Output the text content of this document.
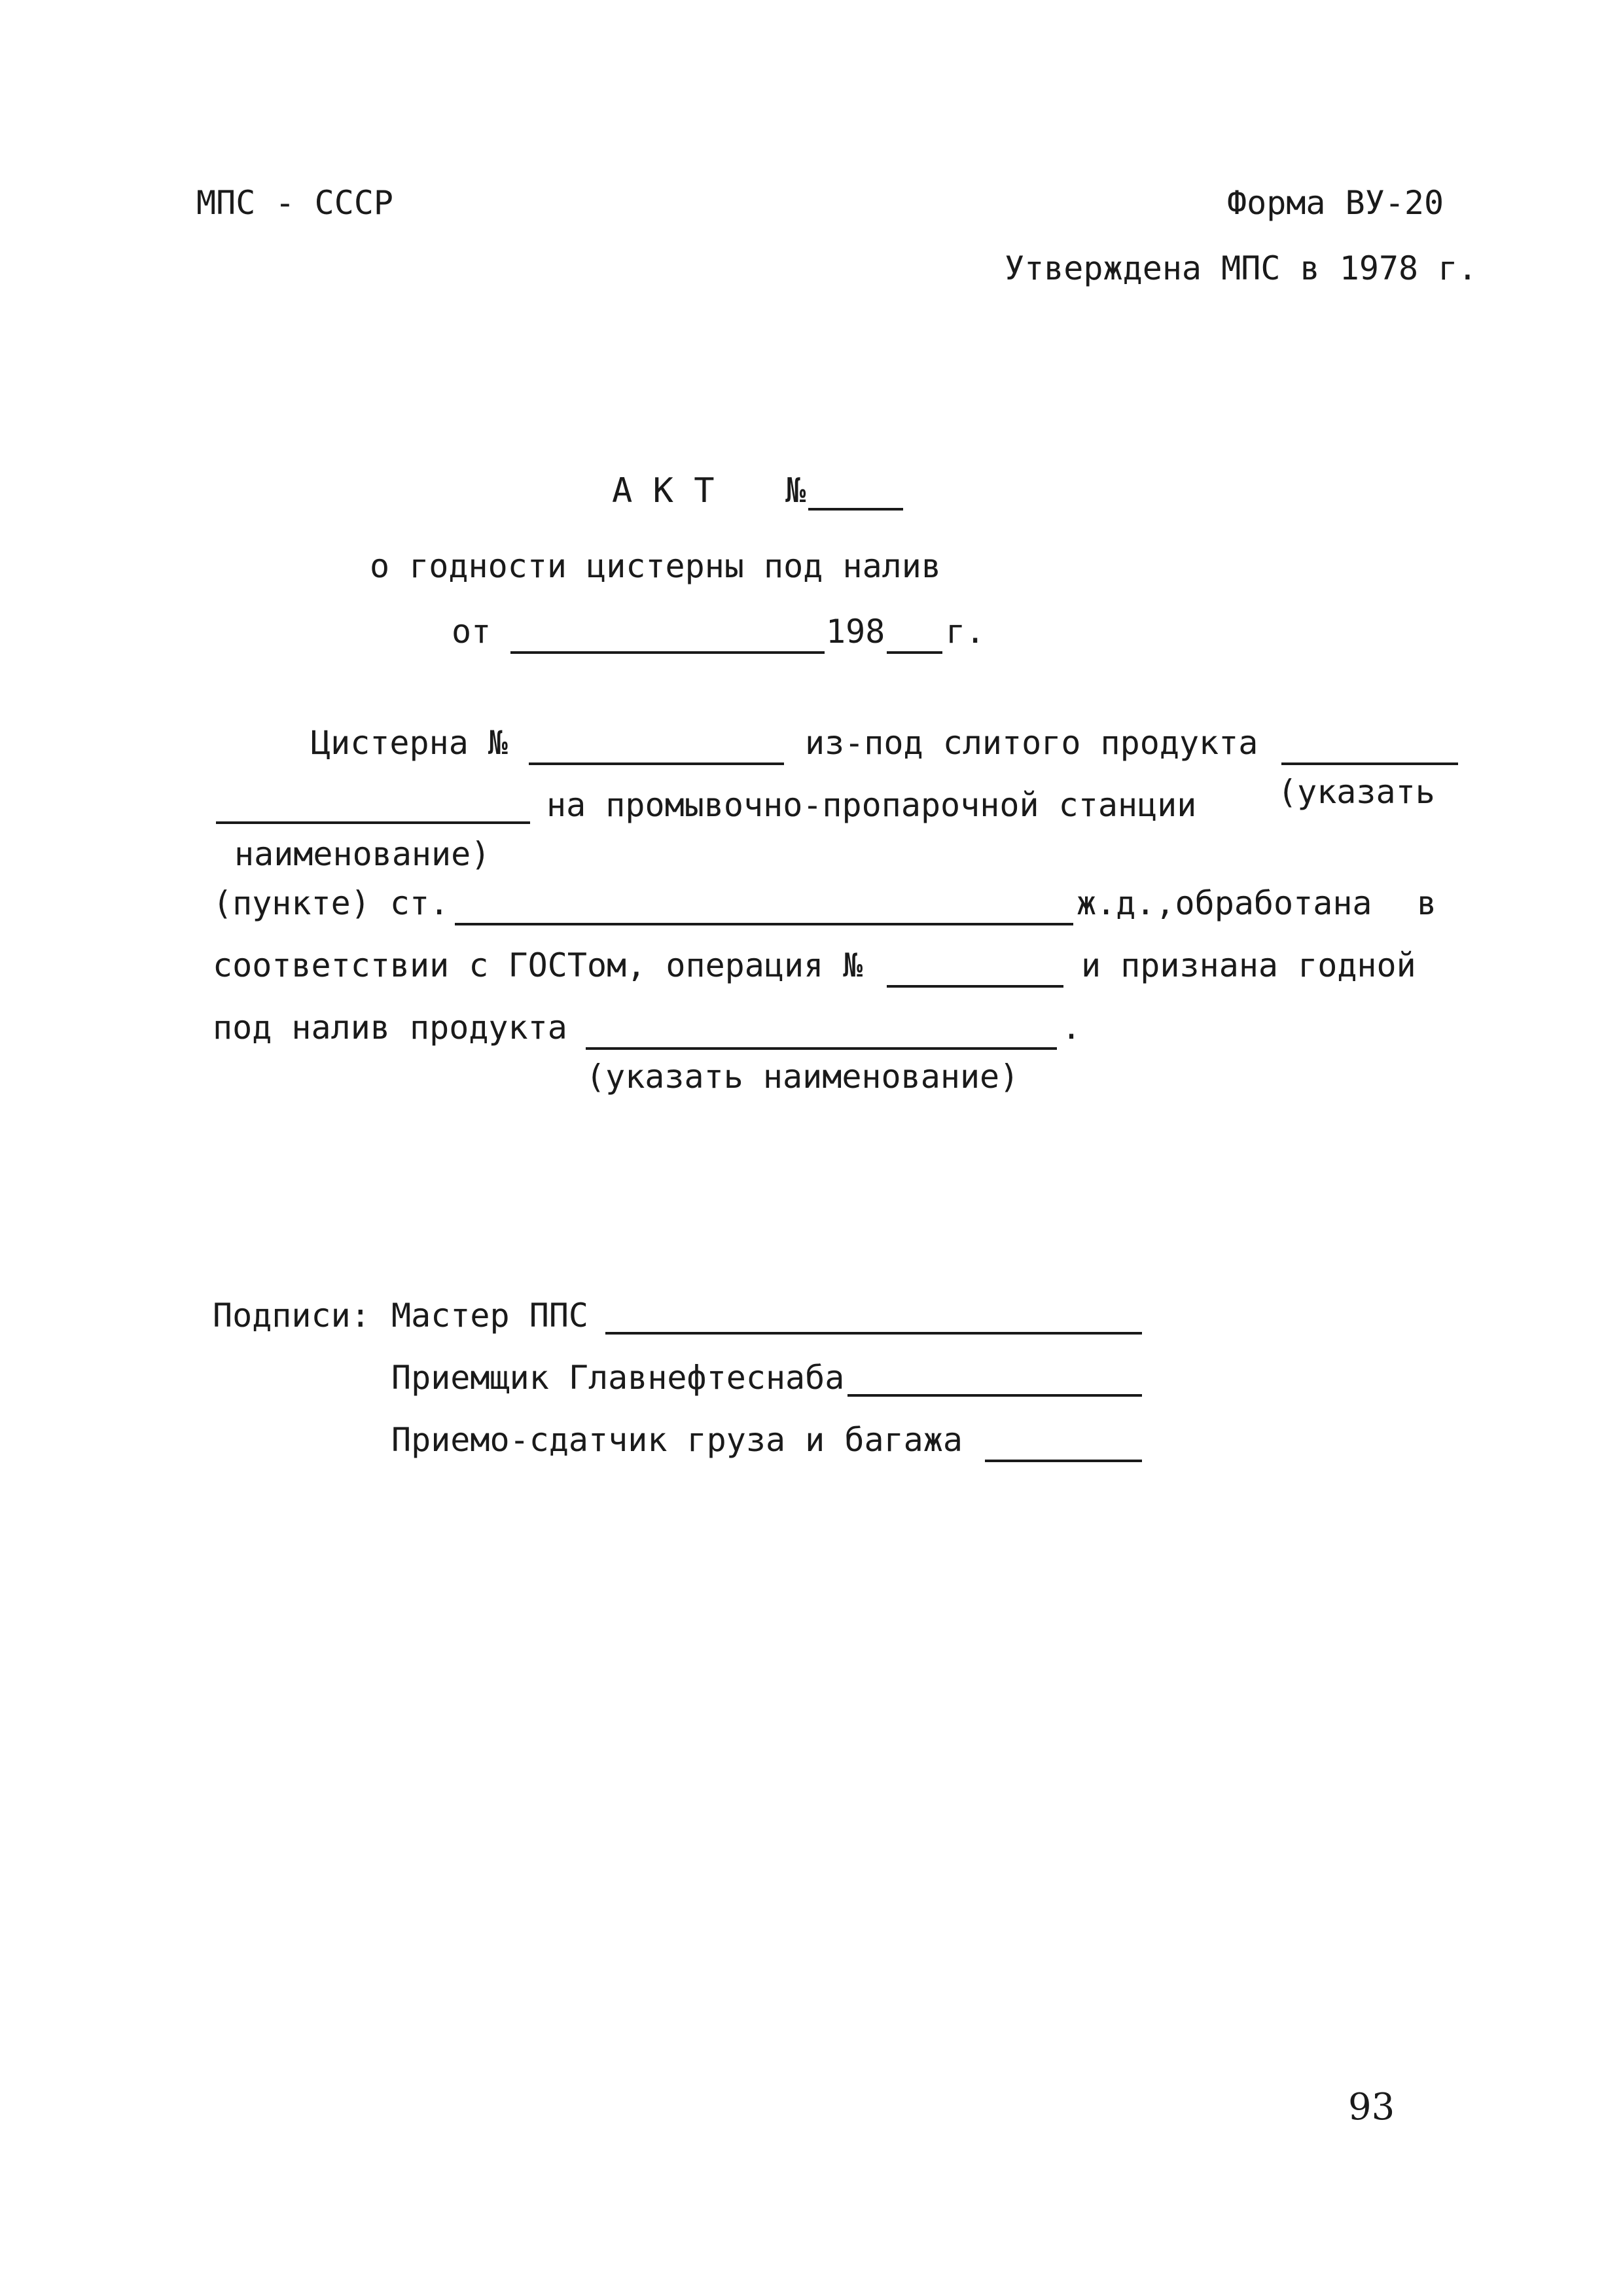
МПС - СССР	Форма ВУ-20
Утверждена МПС в 1978 г.
А К Т №
о годности цистерны под налив
от	198 г.
Цистерна №	из-под слитого продукта
на промывочно-пропарочной станции (указать
наименование)
(пункте) ст.	ж.д.,обработана в
соответствии с ГОСТом, операция №	и признана годной
под налив продукта	.
(указать наименование)
Подписи: Мастер ППС
Приемщик Главнефтеснаба
Приемо-сдатчик груза и багажа
93
